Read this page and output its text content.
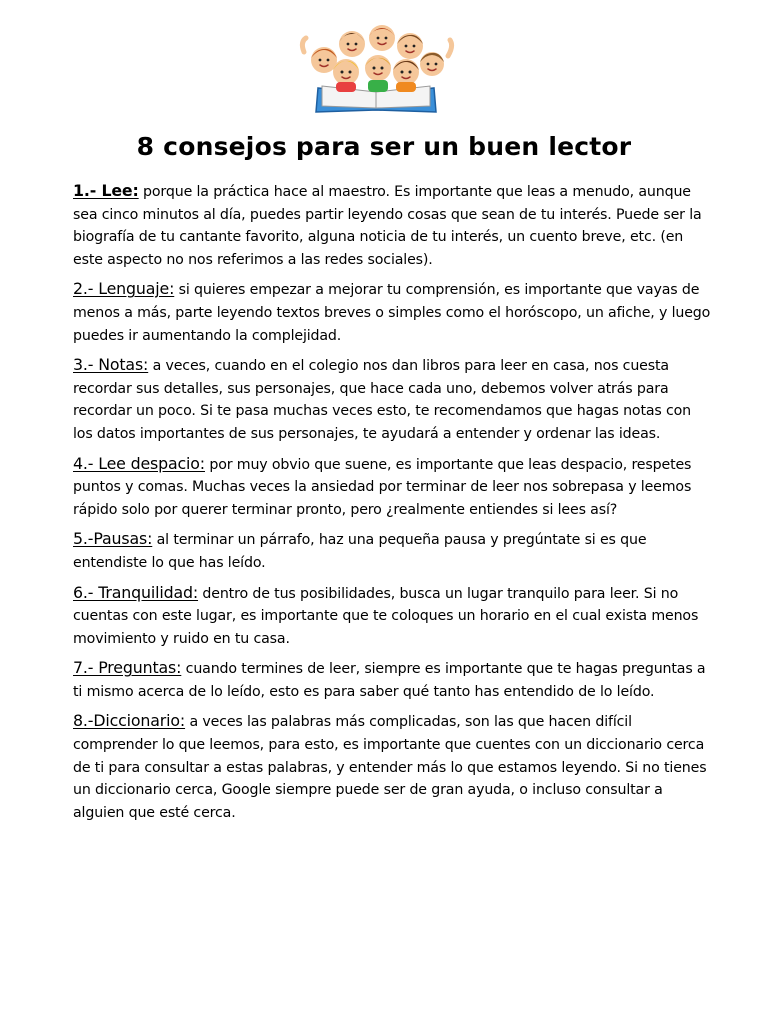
8 consejos para ser un buen lector

1.- Lee: porque la práctica hace al maestro. Es importante que leas a menudo, aunque sea cinco minutos al día, puedes partir leyendo cosas que sean de tu interés. Puede ser la biografía de tu cantante favorito, alguna noticia de tu interés, un cuento breve, etc. (en este aspecto no nos referimos a las redes sociales).

2.- Lenguaje: si quieres empezar a mejorar tu comprensión, es importante que vayas de menos a más, parte leyendo textos breves o simples como el horóscopo, un afiche, y luego puedes ir aumentando la complejidad.

3.- Notas: a veces, cuando en el colegio nos dan libros para leer en casa, nos cuesta recordar sus detalles, sus personajes, que hace cada uno, debemos volver atrás para recordar un poco. Si te pasa muchas veces esto, te recomendamos que hagas notas con los datos importantes de sus personajes, te ayudará a entender y ordenar las ideas.

4.- Lee despacio: por muy obvio que suene, es importante que leas despacio, respetes puntos y comas. Muchas veces la ansiedad por terminar de leer nos sobrepasa y leemos rápido solo por querer terminar pronto, pero ¿realmente entiendes si lees así?

5.-Pausas: al terminar un párrafo, haz una pequeña pausa y pregúntate si es que entendiste lo que has leído.

6.- Tranquilidad: dentro de tus posibilidades, busca un lugar tranquilo para leer. Si no cuentas con este lugar, es importante que te coloques un horario en el cual exista menos movimiento y ruido en tu casa.

7.- Preguntas: cuando termines de leer, siempre es importante que te hagas preguntas a ti mismo acerca de lo leído, esto es para saber qué tanto has entendido de lo leído.

8.-Diccionario: a veces las palabras más complicadas, son las que hacen difícil comprender lo que leemos, para esto, es importante que cuentes con un diccionario cerca de ti para consultar a estas palabras, y entender más lo que estamos leyendo. Si no tienes un diccionario cerca, Google siempre puede ser de gran ayuda, o incluso consultar a alguien que esté cerca.
